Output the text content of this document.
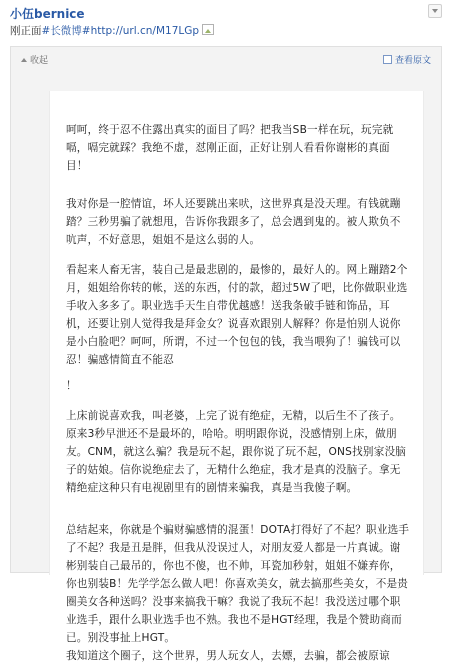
小伍bernice
刚正面#长微博#http://url.cn/M17LGp
收起	查看原文
呵呵，终于忍不住露出真实的面目了吗？把我当SB一样在玩，玩完就嗝，嗝完就踩？我绝不虚，怼刚正面，正好让别人看看你谢彬的真面目！
我对你是一腔情谊，坏人还要跳出来吠，这世界真是没天理。有钱就蹦踏？三秒男骗了就想甩，告诉你我跟多了，总会遇到鬼的。被人欺负不吭声，不好意思，姐姐不是这么弱的人。
看起来人畜无害，装自己是最悲剧的，最惨的，最好人的。网上蹦踏2个月，姐姐给你转的帐，送的东西，付的款，超过5W了吧，比你做职业选手收入多多了。职业选手天生自带优越感！送我条破手链和饰品，耳机，还要让别人觉得我是拜金女？说喜欢跟别人解释？你是怕别人说你是小白脸吧？呵呵，所谓，不过一个包包的钱，我当喂狗了！骗钱可以忍！骗感情简直不能忍
！
上床前说喜欢我，叫老婆，上完了说有绝症，无精，以后生不了孩子。原来3秒早泄还不是最坏的，哈哈。明明跟你说，没感情别上床，做朋友。CNM，就这么骗？我是玩不起，跟你说了玩不起，ONS找别家没脑子的姑娘。信你说绝症去了，无精什么绝症，我才是真的没脑子。拿无精绝症这种只有电视剧里有的剧情来骗我，真是当我傻子啊。
总结起来，你就是个骗财骗感情的混蛋！DOTA打得好了不起？职业选手了不起？我是丑是胖，但我从没误过人，对朋友爱人都是一片真诚。谢彬别装自己最吊的，你也不傻，也不帅，耳瓷加秒射，姐姐不嫌弃你，你也别装B！先学学怎么做人吧！你喜欢美女，就去搞那些美女，不是贵圈美女各种送吗？没事来搞我干嘛？我说了我玩不起！我没送过哪个职业选手，跟什么职业选手也不熟。我也不是HGT经理，我是个赞助商而已。别没事扯上HGT。
我知道这个圈子，这个世界，男人玩女人，去嫖，去骗，都会被原谅
